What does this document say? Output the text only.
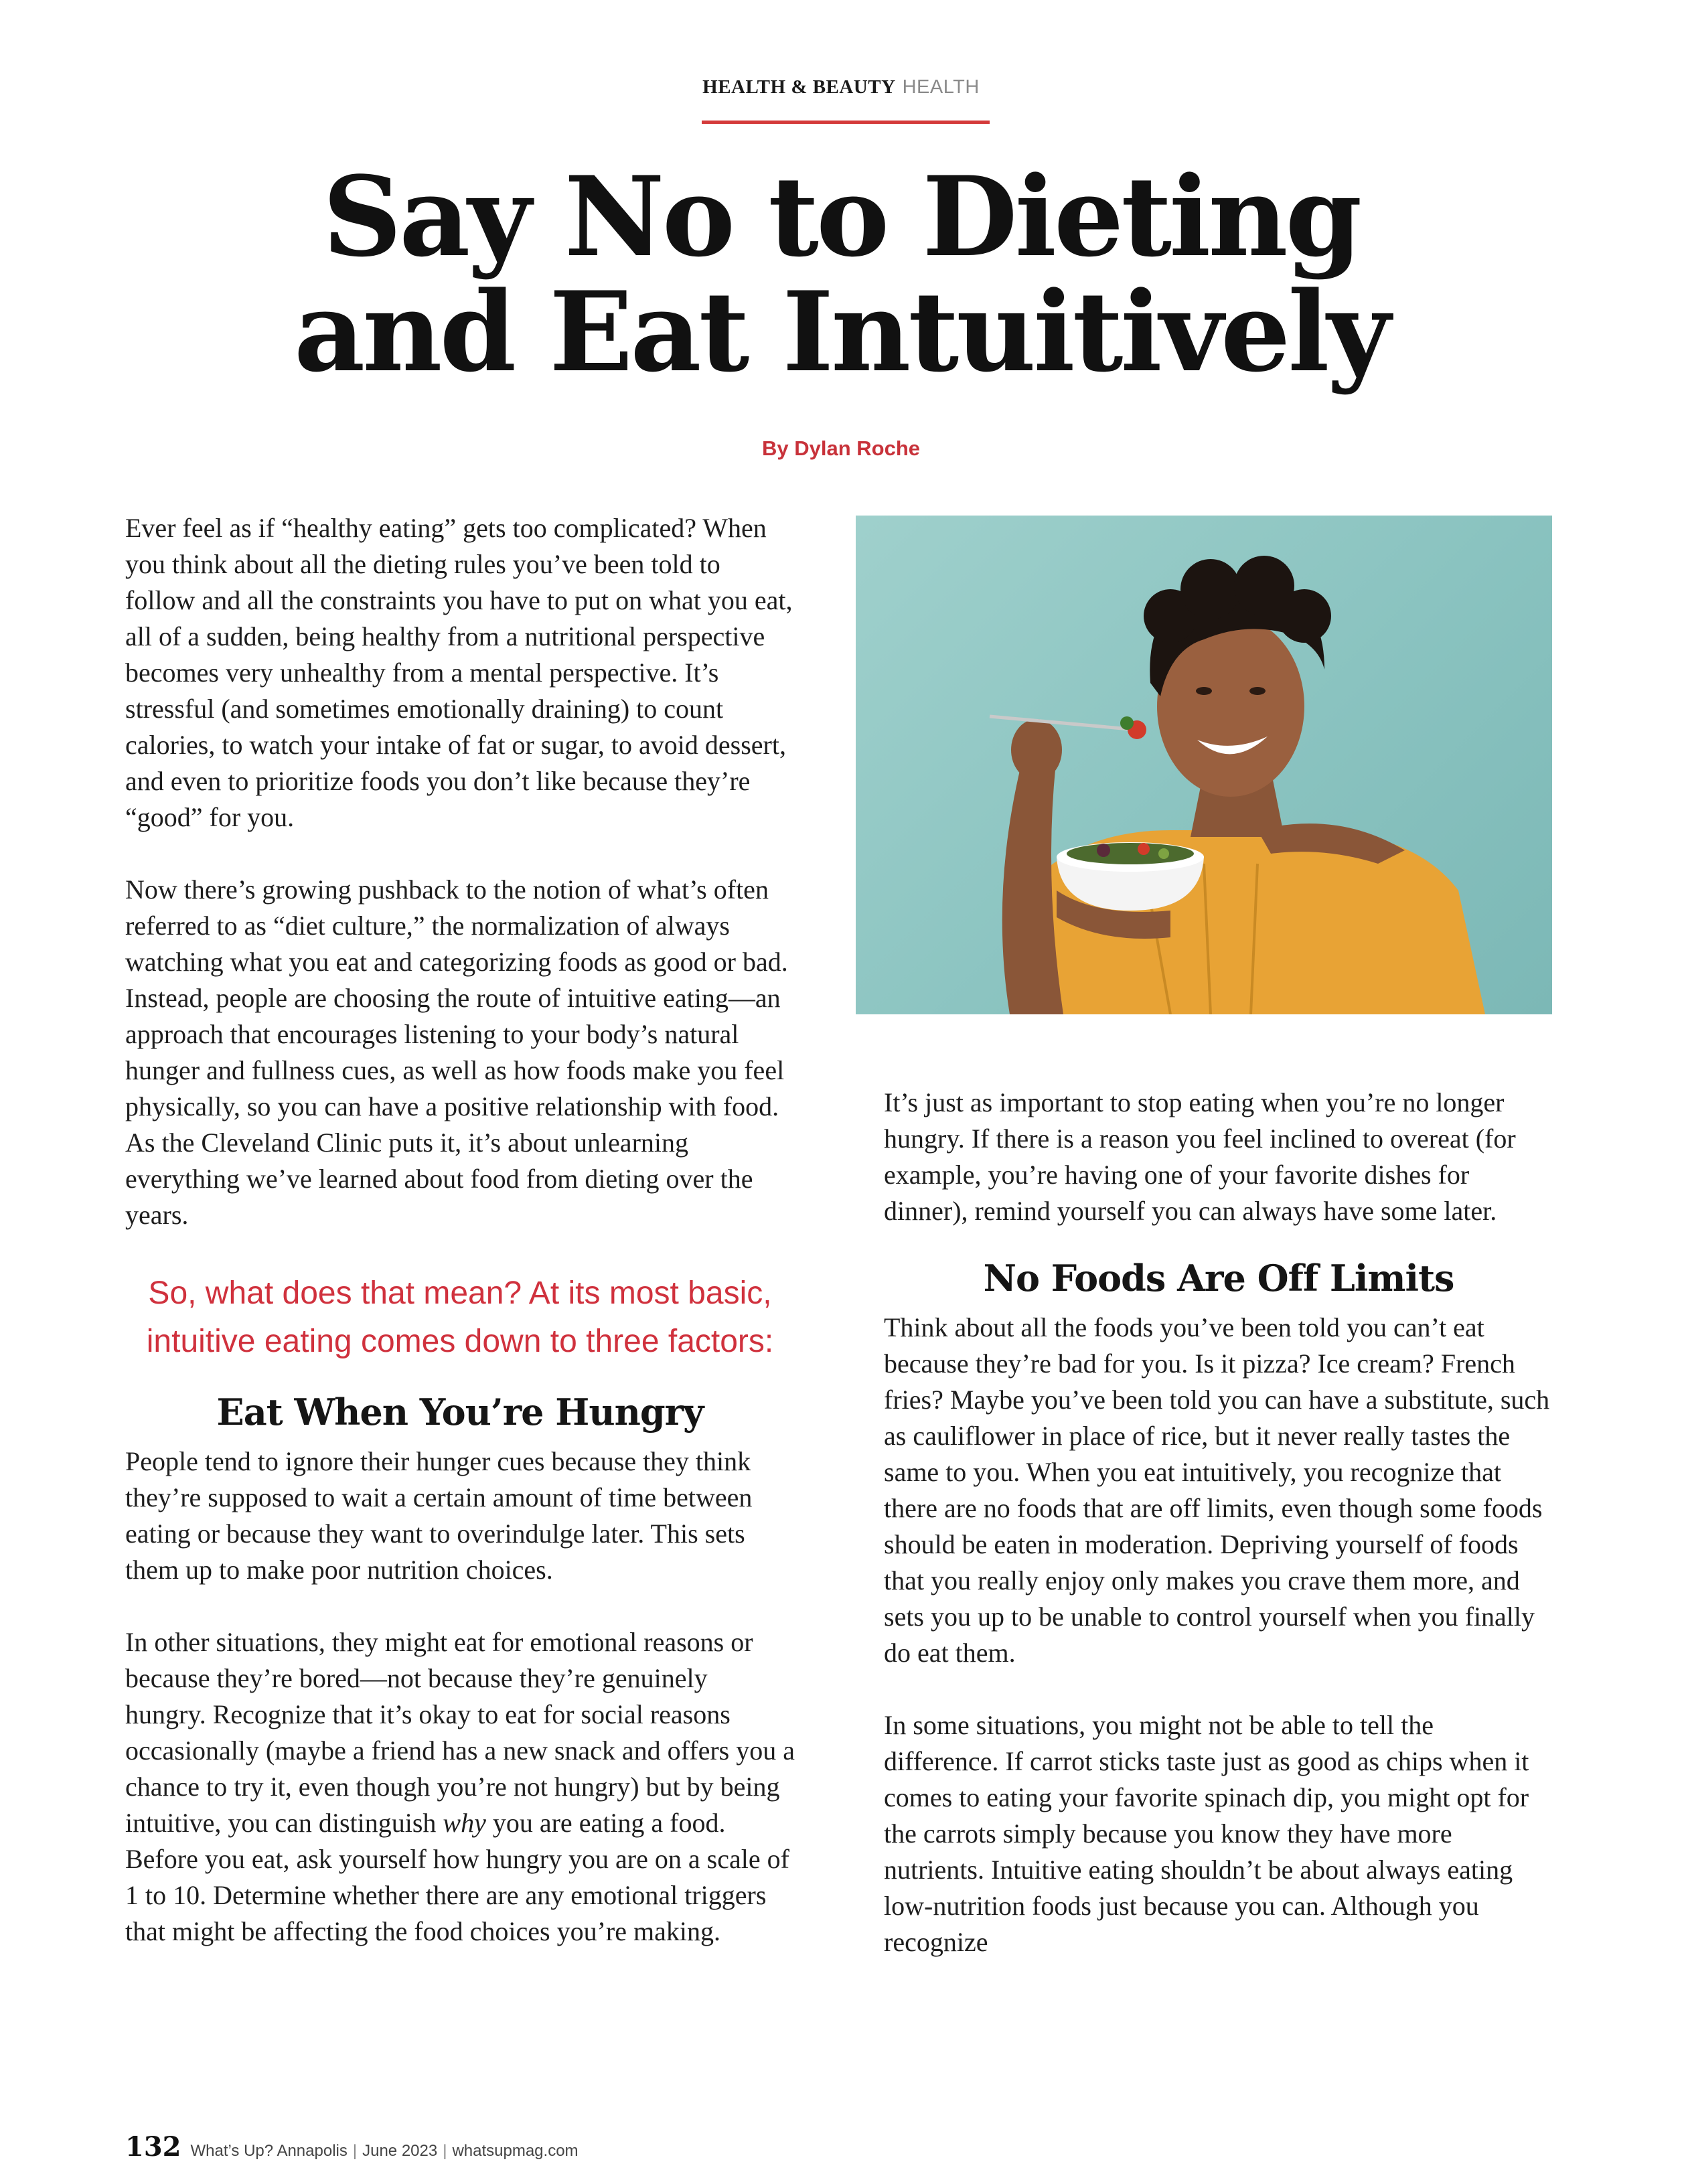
HEALTH & BEAUTY HEALTH
Say No to Dieting
and Eat Intuitively
By Dylan Roche

Ever feel as if “healthy eating” gets too complicated? When you think about all the dieting rules you’ve been told to follow and all the constraints you have to put on what you eat, all of a sudden, being healthy from a nutritional perspective becomes very unhealthy from a mental perspective. It’s stressful (and sometimes emotionally draining) to count calories, to watch your intake of fat or sugar, to avoid dessert, and even to prioritize foods you don’t like because they’re “good” for you.

Now there’s growing pushback to the notion of what’s often referred to as “diet culture,” the normalization of always watching what you eat and categorizing foods as good or bad. Instead, people are choosing the route of intuitive eating—an approach that encourages listening to your body’s natural hunger and fullness cues, as well as how foods make you feel physically, so you can have a positive relationship with food. As the Cleveland Clinic puts it, it’s about unlearning everything we’ve learned about food from dieting over the years.

So, what does that mean? At its most basic, intuitive eating comes down to three factors:
Eat When You’re Hungry

People tend to ignore their hunger cues because they think they’re supposed to wait a certain amount of time between eating or because they want to overindulge later. This sets them up to make poor nutrition choices.

In other situations, they might eat for emotional reasons or because they’re bored—not because they’re genuinely hungry. Recognize that it’s okay to eat for social reasons occasionally (maybe a friend has a new snack and offers you a chance to try it, even though you’re not hungry) but by being intuitive, you can distinguish why you are eating a food. Before you eat, ask yourself how hungry you are on a scale of 1 to 10. Determine whether there are any emotional triggers that might be affecting the food choices you’re making.

It’s just as important to stop eating when you’re no longer hungry. If there is a reason you feel inclined to overeat (for example, you’re having one of your favorite dishes for dinner), remind yourself you can always have some later.

No Foods Are Off Limits

Think about all the foods you’ve been told you can’t eat because they’re bad for you. Is it pizza? Ice cream? French fries? Maybe you’ve been told you can have a substitute, such as cauliflower in place of rice, but it never really tastes the same to you. When you eat intuitively, you recognize that there are no foods that are off limits, even though some foods should be eaten in moderation. Depriving yourself of foods that you really enjoy only makes you crave them more, and sets you up to be unable to control yourself when you finally do eat them.

In some situations, you might not be able to tell the difference. If carrot sticks taste just as good as chips when it comes to eating your favorite spinach dip, you might opt for the carrots simply because you know they have more nutrients. Intuitive eating shouldn’t be about always eating low-nutrition foods just because you can. Although you recognize

132 What’s Up? Annapolis | June 2023 | whatsupmag.com
